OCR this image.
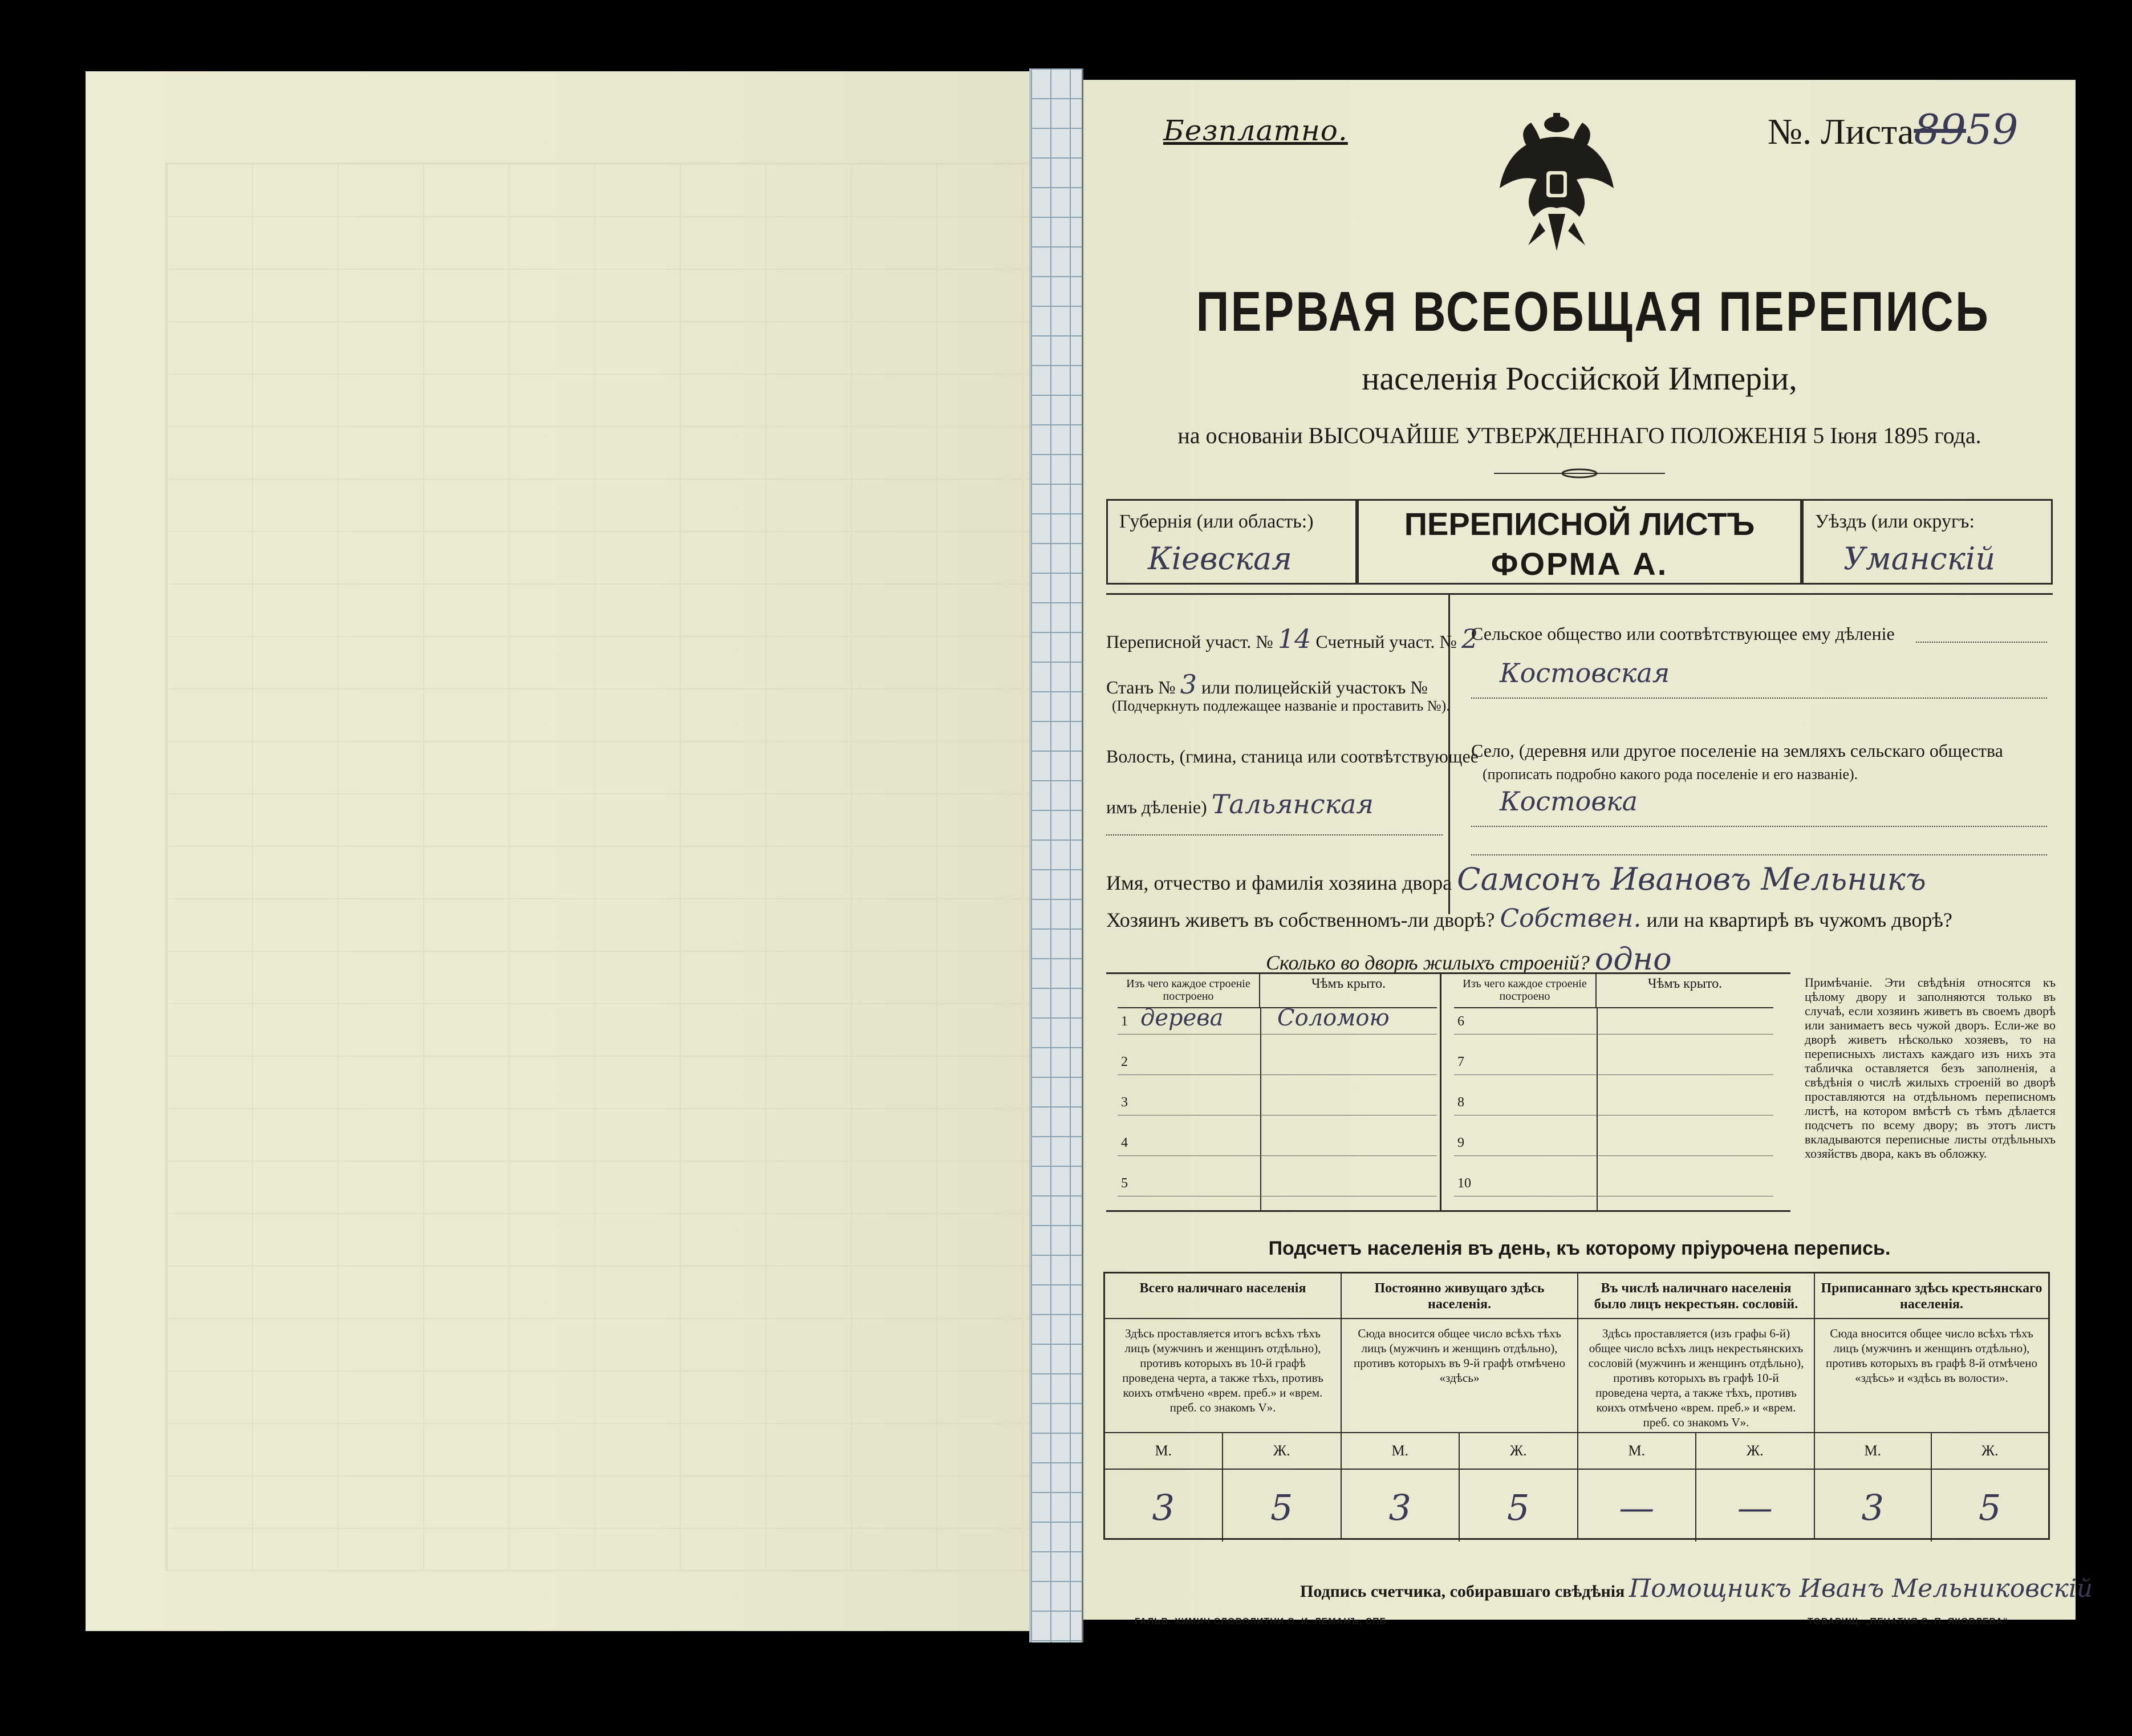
Безплатно.	№. Листа8959
ПЕРВАЯ ВСЕОБЩАЯ ПЕРЕПИСЬ
населенія Россійской Имперіи,
на основаніи ВЫСОЧАЙШЕ УТВЕРЖДЕННАГО ПОЛОЖЕНІЯ 5 Іюня 1895 года.
Губернія (или область:)
Кіевская
ПЕРЕПИСНОЙ ЛИСТЪ
ФОРМА А.
Уѣздъ (или округъ:
Уманскій
Переписной участ. № 14 Счетный участ. № 2
Станъ № 3 или полицейскій участокъ №
(Подчеркнуть подлежащее названіе и проставить №).
Волость, (гмина, станица или соотвѣтствующее
имъ дѣленіе) Тальянская
Сельское общество или соотвѣтствующее ему дѣленіе
Костовская
Село, (деревня или другое поселеніе на земляхъ сельскаго общества
(прописать подробно какого рода поселеніе и его названіе).
Костовка
Имя, отчество и фамилія хозяина двора Самсонъ Ивановъ Мельникъ
Хозяинъ живетъ въ собственномъ-ли дворѣ? Собствен. или на квартирѣ въ чужомъ дворѣ?
Сколько во дворѣ жилыхъ строеній? одно
Изъ чего каждое строеніе построено
Чѣмъ крыто.
1 дерева Соломою
2
3
4
5
Изъ чего каждое строеніе построено
Чѣмъ крыто.
6
7
8
9
10
Примѣчаніе. Эти свѣдѣнія относятся къ цѣлому двору и заполняются только въ случаѣ, если хозяинъ живетъ въ своемъ дворѣ или занимаетъ весь чужой дворъ. Если-же во дворѣ живетъ нѣсколько хозяевъ, то на переписныхъ листахъ каждаго изъ нихъ эта табличка оставляется безъ заполненія, а свѣдѣнія о числѣ жилыхъ строеній во дворѣ проставляются на отдѣльномъ переписномъ листѣ, на котором вмѣстѣ съ тѣмъ дѣлается подсчетъ по всему двору; въ этотъ листъ вкладываются переписные листы отдѣльныхъ хозяйствъ двора, какъ въ обложку.
Подсчетъ населенія въ день, къ которому пріурочена перепись.
Всего наличнаго населенія
Здѣсь проставляется итогъ всѣхъ тѣхъ лицъ (мужчинъ и женщинъ отдѣльно), противъ которыхъ въ 10-й графѣ проведена черта, а также тѣхъ, противъ коихъ отмѣчено «врем. преб.» и «врем. преб. со знакомъ V».
М.	Ж.
3	5
Постоянно живущаго здѣсь населенія.
Сюда вносится общее число всѣхъ тѣхъ лицъ (мужчинъ и женщинъ отдѣльно), противъ которыхъ въ 9-й графѣ отмѣчено «здѣсь»
М.	Ж.
3	5
Въ числѣ наличнаго населенія было лицъ некрестьян. сословій.
Здѣсь проставляется (изъ графы 6-й) общее число всѣхъ лицъ некрестьянскихъ сословій (мужчинъ и женщинъ отдѣльно), противъ которыхъ въ графѣ 10-й проведена черта, а также тѣхъ, противъ коихъ отмѣчено «врем. преб.» и «врем. преб. со знакомъ V».
М.	Ж.
—	—
Приписаннаго здѣсь крестьянскаго населенія.
Сюда вносится общее число всѣхъ тѣхъ лицъ (мужчинъ и женщинъ отдѣльно), противъ которыхъ въ графѣ 8-й отмѣчено «здѣсь» и «здѣсь въ волости».
М.	Ж.
3	5
Подпись счетчика, собиравшаго свѣдѣнія Помощникъ Иванъ Мельниковскій
ГАЛЬВ. ХИМИЧ СЛОВОЛИТНИ О. И. ЛЕМАНЪ, СПБ	ТОВАРИЩ. „ПЕЧАТНЯ С. П. ЯКОВЛЕВА“
